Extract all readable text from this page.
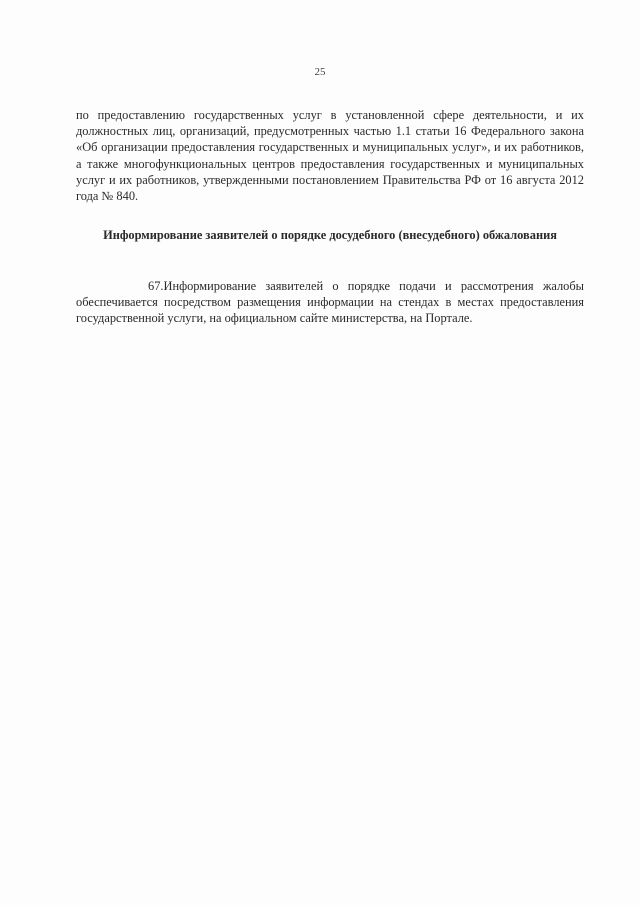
25

по предоставлению государственных услуг в установленной сфере деятельности, и их должностных лиц, организаций, предусмотренных частью 1.1 статьи 16 Федерального закона «Об организации предоставления государственных и муниципальных услуг», и их работников, а также многофункциональных центров предоставления государственных и муниципальных услуг и их работников, утвержденными постановлением Правительства РФ от 16 августа 2012 года № 840.

Информирование заявителей о порядке досудебного (внесудебного) обжалования

67.Информирование заявителей о порядке подачи и рассмотрения жалобы обеспечивается посредством размещения информации на стендах в местах предоставления государственной услуги, на официальном сайте министерства, на Портале.
